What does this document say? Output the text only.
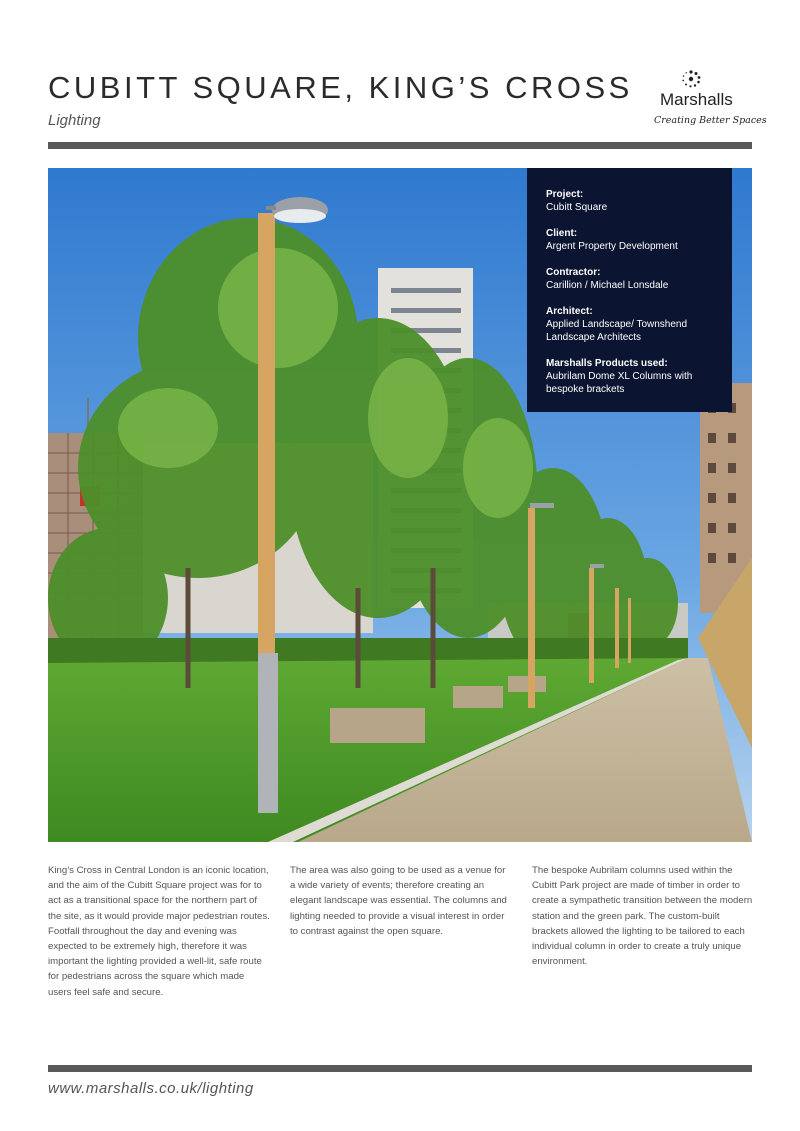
CUBITT SQUARE, KING’S CROSS
Lighting
Marshalls
Creating Better Spaces
Project:
Cubitt Square
Client:
Argent Property Development
Contractor:
Carillion / Michael Lonsdale
Architect:
Applied Landscape/ Townshend Landscape Architects
Marshalls Products used:
Aubrilam Dome XL Columns with bespoke brackets
King’s Cross in Central London is an iconic location, and the aim of the Cubitt Square project was for to act as a transitional space for the northern part of the site, as it would provide major pedestrian routes. Footfall throughout the day and evening was expected to be extremely high, therefore it was important the lighting provided a well-lit, safe route for pedestrians across the square which made users feel safe and secure.
The area was also going to be used as a venue for a wide variety of events; therefore creating an elegant landscape was essential. The columns and lighting needed to provide a visual interest in order to contrast against the open square.
The bespoke Aubrilam columns used within the Cubitt Park project are made of timber in order to create a sympathetic transition between the modern station and the green park. The custom-built brackets allowed the lighting to be tailored to each individual column in order to create a truly unique environment.
www.marshalls.co.uk/lighting
